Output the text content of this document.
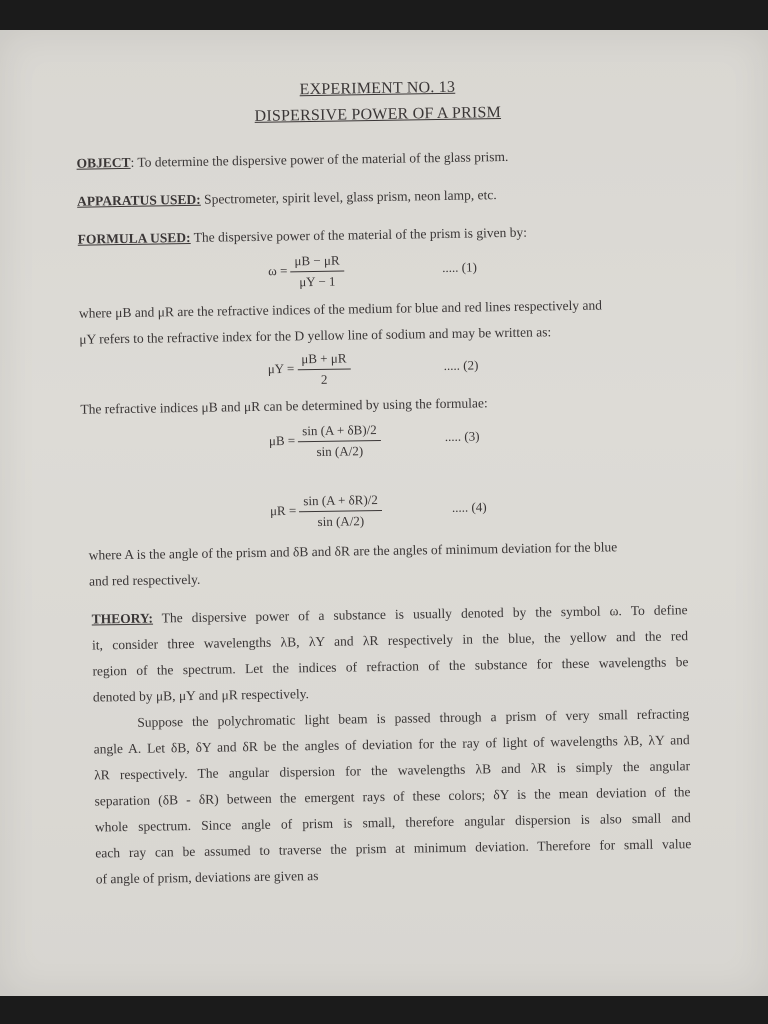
EXPERIMENT NO. 13
DISPERSIVE POWER OF A PRISM
OBJECT: To determine the dispersive power of the material of the glass prism.
APPARATUS USED: Spectrometer, spirit level, glass prism, neon lamp, etc.
FORMULA USED: The dispersive power of the material of the prism is given by:
$\omega = \frac{\mu B - \mu R}{\mu Y - 1}$	..... (1)
where μB and μR are the refractive indices of the medium for blue and red lines respectively and
μY refers to the refractive index for the D yellow line of sodium and may be written as:
$\mu Y = \frac{\mu B + \mu R}{2}$	..... (2)
The refractive indices μB and μR can be determined by using the formulae:
$\mu B = \frac{\sin (A + \delta B)/2}{\sin (A/2)}$	..... (3)
$\mu R = \frac{\sin (A + \delta R)/2}{\sin (A/2)}$	..... (4)
where A is the angle of the prism and δB and δR are the angles of minimum deviation for the blue
and red respectively.
THEORY: The dispersive power of a substance is usually denoted by the symbol ω. To define
it, consider three wavelengths λB, λY and λR respectively in the blue, the yellow and the red
region of the spectrum. Let the indices of refraction of the substance for these wavelengths be
denoted by μB, μY and μR respectively.
Suppose the polychromatic light beam is passed through a prism of very small refracting
angle A. Let δB, δY and δR be the angles of deviation for the ray of light of wavelengths λB, λY and
λR respectively. The angular dispersion for the wavelengths λB and λR is simply the angular
separation (δB - δR) between the emergent rays of these colors; δY is the mean deviation of the
whole spectrum. Since angle of prism is small, therefore angular dispersion is also small and
each ray can be assumed to traverse the prism at minimum deviation. Therefore for small value
of angle of prism, deviations are given as
